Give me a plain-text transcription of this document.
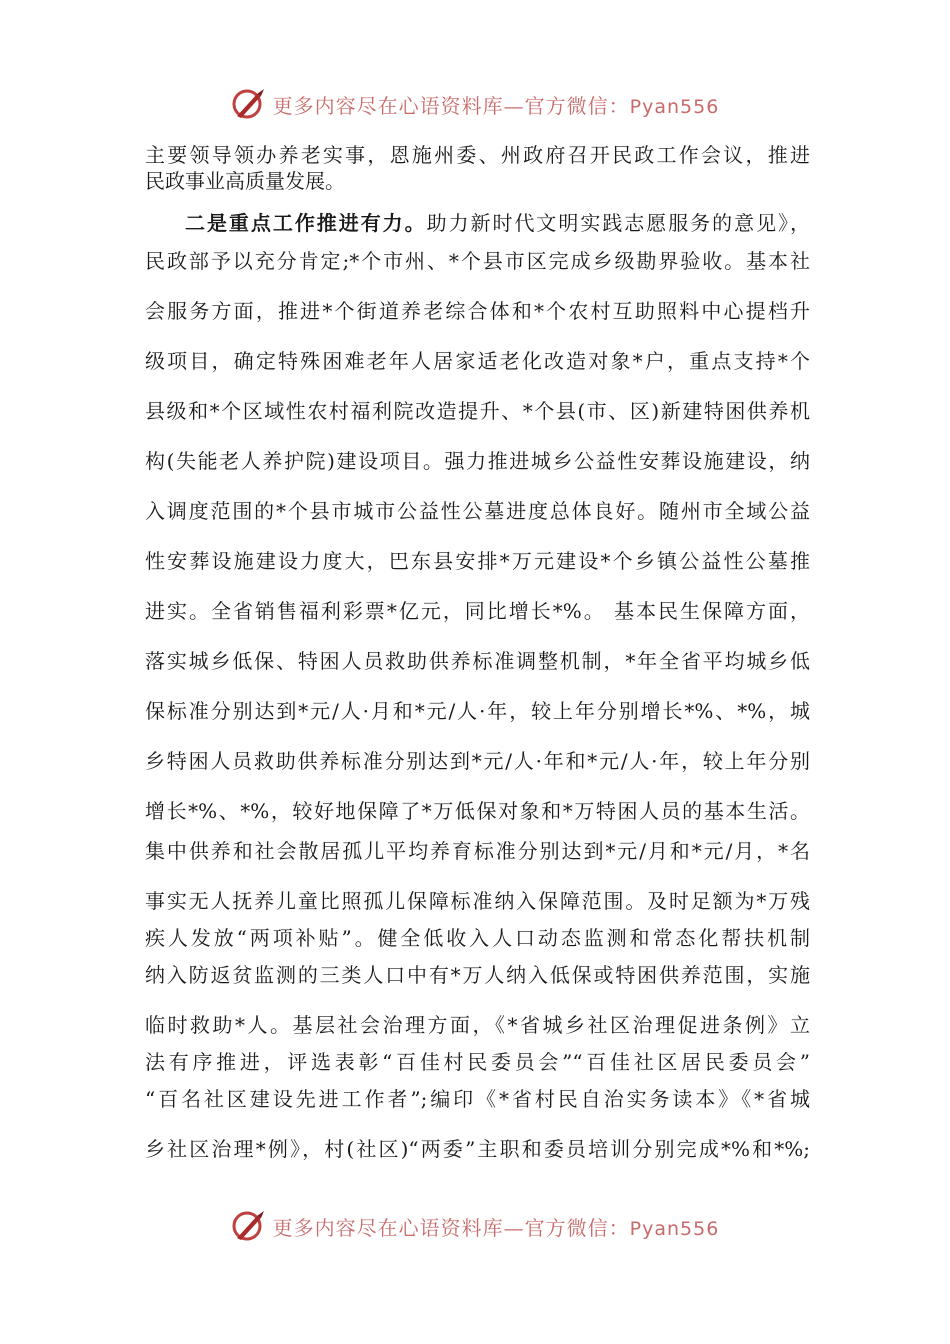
更多内容尽在心语资料库—官方微信：Pyan556
主要领导领办养老实事，恩施州委、州政府召开民政工作会议，推进
民政事业高质量发展。
二是重点工作推进有力。助力新时代文明实践志愿服务的意见》，
民政部予以充分肯定;*个市州、*个县市区完成乡级勘界验收。基本社
会服务方面，推进*个街道养老综合体和*个农村互助照料中心提档升
级项目，确定特殊困难老年人居家适老化改造对象*户，重点支持*个
县级和*个区域性农村福利院改造提升、*个县(市、区)新建特困供养机
构(失能老人养护院)建设项目。强力推进城乡公益性安葬设施建设，纳
入调度范围的*个县市城市公益性公墓进度总体良好。随州市全域公益
性安葬设施建设力度大，巴东县安排*万元建设*个乡镇公益性公墓推
进实。全省销售福利彩票*亿元，同比增长*%。 基本民生保障方面，
落实城乡低保、特困人员救助供养标准调整机制，*年全省平均城乡低
保标准分别达到*元/人·月和*元/人·年，较上年分别增长*%、*%，城
乡特困人员救助供养标准分别达到*元/人·年和*元/人·年，较上年分别
增长*%、*%，较好地保障了*万低保对象和*万特困人员的基本生活。
集中供养和社会散居孤儿平均养育标准分别达到*元/月和*元/月，*名
事实无人抚养儿童比照孤儿保障标准纳入保障范围。及时足额为*万残
疾人发放“两项补贴”。健全低收入人口动态监测和常态化帮扶机制
纳入防返贫监测的三类人口中有*万人纳入低保或特困供养范围，实施
临时救助*人。基层社会治理方面，《*省城乡社区治理促进条例》立
法有序推进，评选表彰“百佳村民委员会”“百佳社区居民委员会”
“百名社区建设先进工作者”;编印《*省村民自治实务读本》《*省城
乡社区治理*例》，村(社区)“两委”主职和委员培训分别完成*%和*%;
更多内容尽在心语资料库—官方微信：Pyan556
